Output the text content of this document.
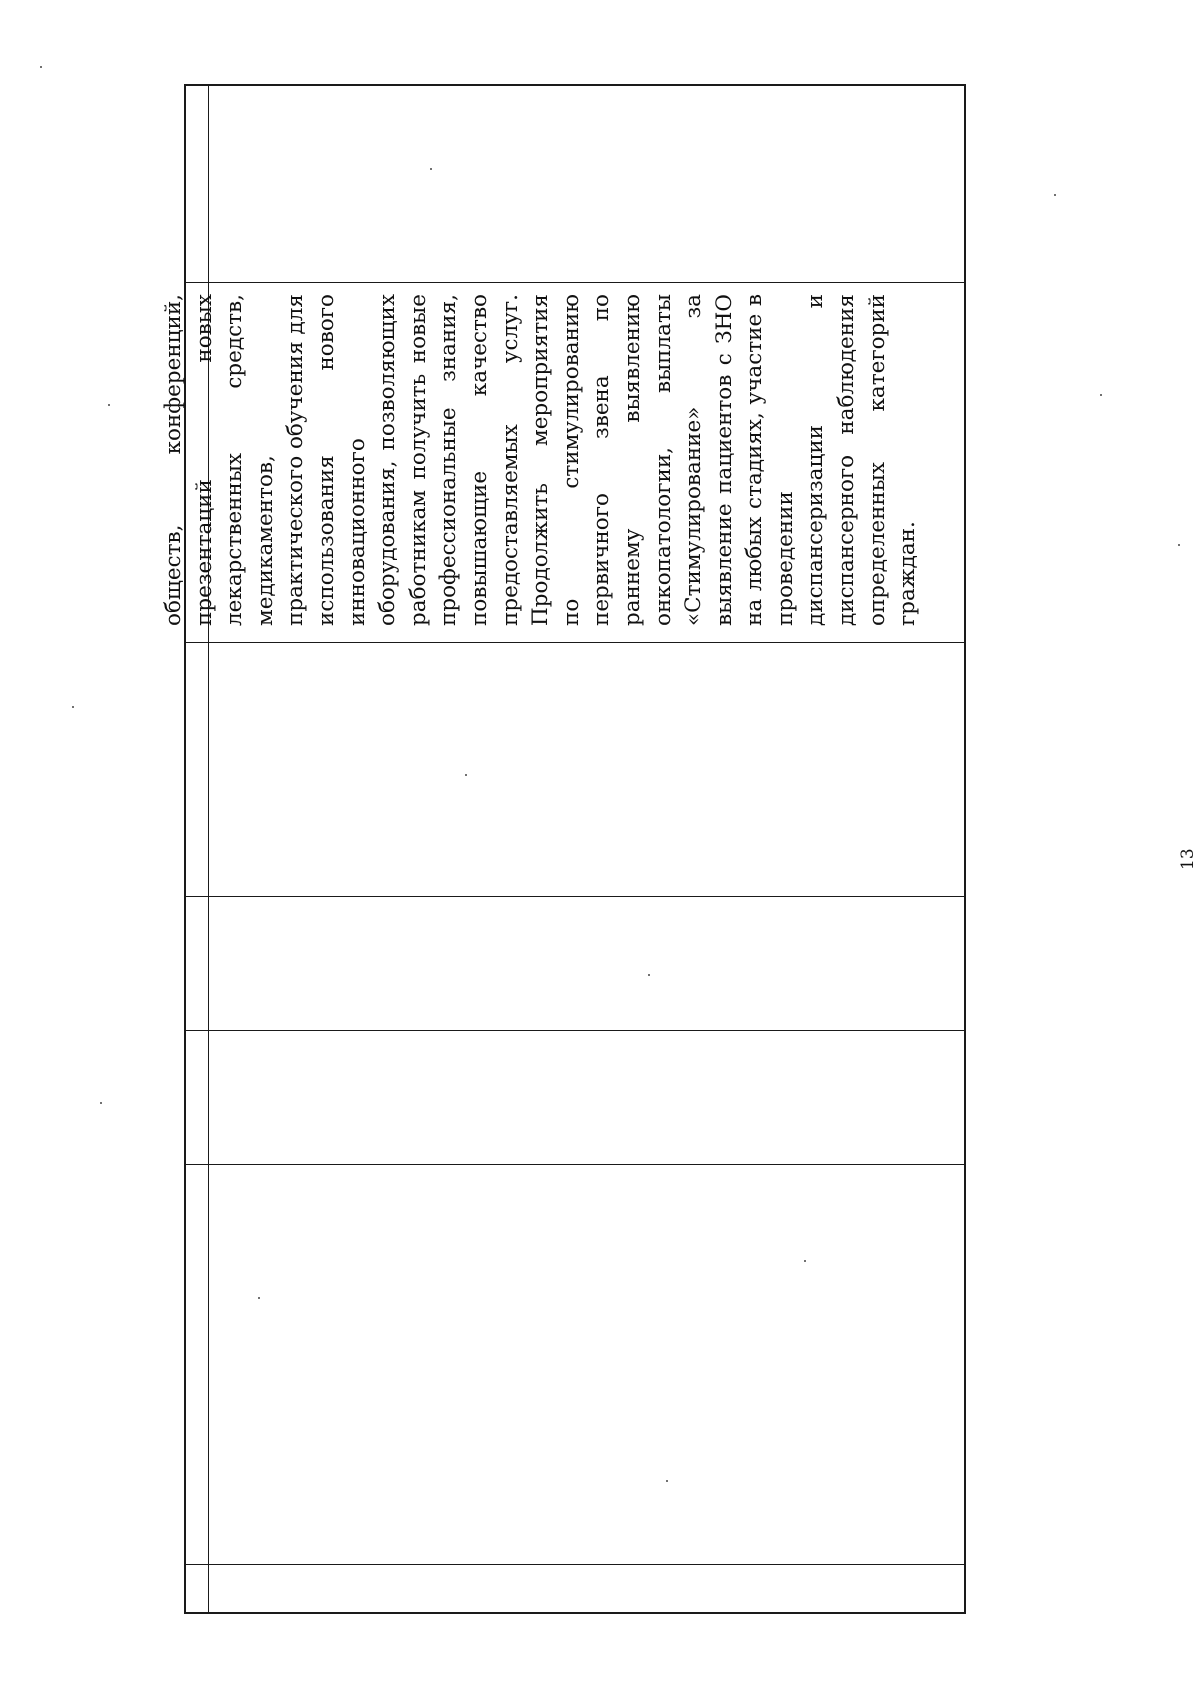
обществ, конференций, презентаций новых лекарственных средств, медикаментов, практического обучения для использования нового инновационного оборудования, позволяющих работникам получить новые профессиональные знания, повышающие качество предоставляемых услуг. Продолжить мероприятия по стимулированию первичного звена по раннему выявлению онкопатологии, выплаты «Стимулирование» за выявление пациентов с ЗНО на любых стадиях, участие в проведении диспансеризации и диспансерного наблюдения определенных категорий граждан.

13
